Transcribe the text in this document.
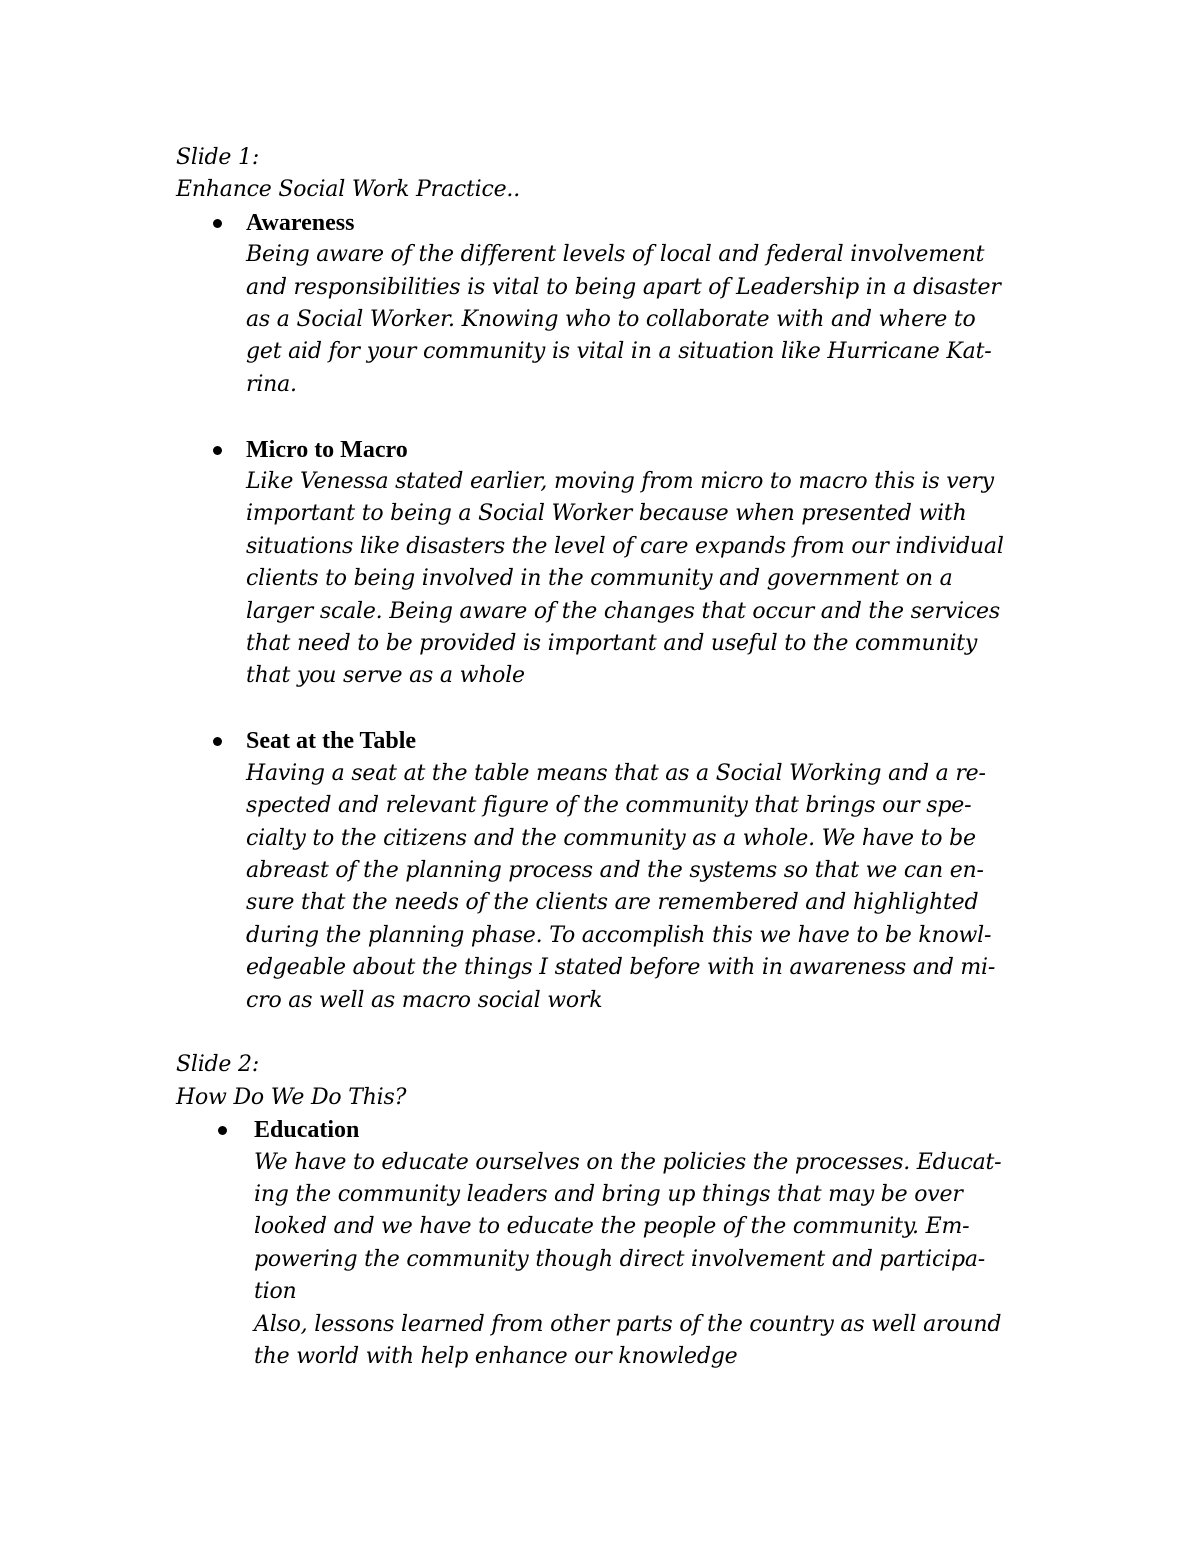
Slide 1:
Enhance Social Work Practice..
Awareness
Being aware of the different levels of local and federal involvement
and responsibilities is vital to being apart of Leadership in a disaster
as a Social Worker. Knowing who to collaborate with and where to
get aid for your community is vital in a situation like Hurricane Kat-
rina.
Micro to Macro
Like Venessa stated earlier, moving from micro to macro this is very
important to being a Social Worker because when presented with
situations like disasters the level of care expands from our individual
clients to being involved in the community and government on a
larger scale. Being aware of the changes that occur and the services
that need to be provided is important and useful to the community
that you serve as a whole
Seat at the Table
Having a seat at the table means that as a Social Working and a re-
spected and relevant figure of the community that brings our spe-
cialty to the citizens and the community as a whole. We have to be
abreast of the planning process and the systems so that we can en-
sure that the needs of the clients are remembered and highlighted
during the planning phase. To accomplish this we have to be knowl-
edgeable about the things I stated before with in awareness and mi-
cro as well as macro social work
Slide 2:
How Do We Do This?
Education
We have to educate ourselves on the policies the processes. Educat-
ing the community leaders and bring up things that may be over
looked and we have to educate the people of the community. Em-
powering the community though direct involvement and participa-
tion
Also, lessons learned from other parts of the country as well around
the world with help enhance our knowledge
